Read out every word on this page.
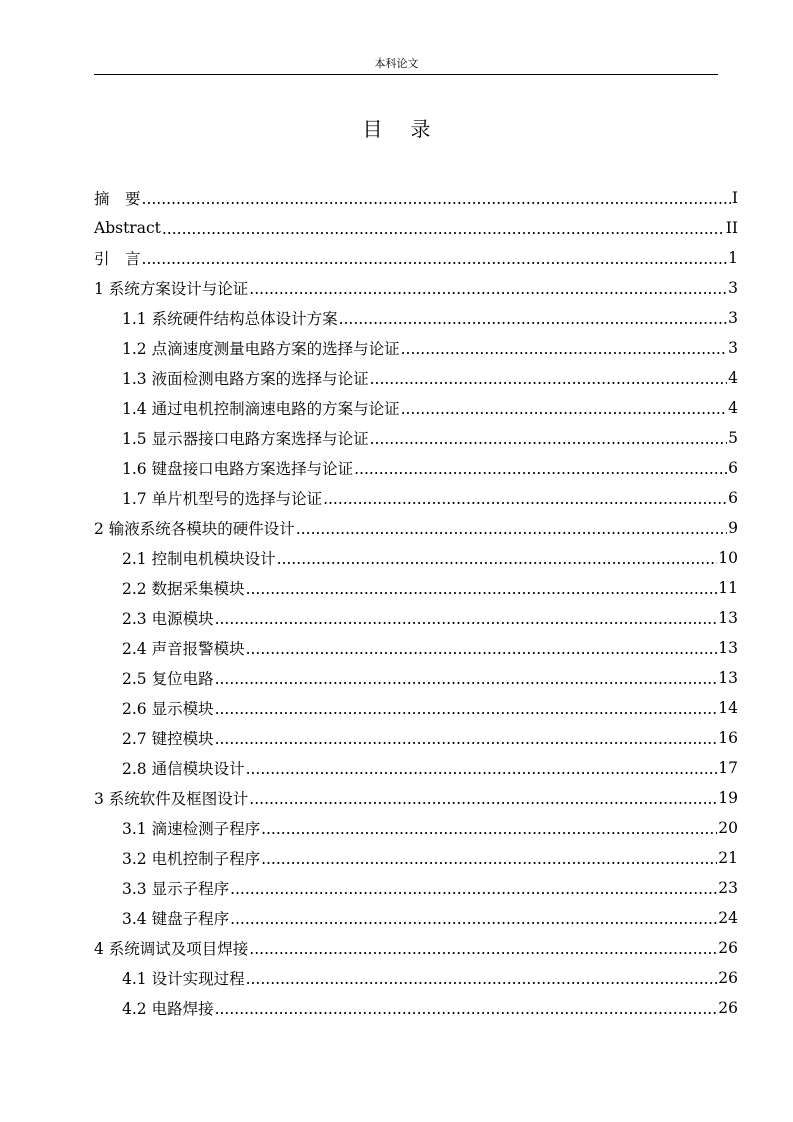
本科论文
目录
摘　要 .....	Ⅰ
Abstract .....	II
引　言 .....	1
1 系统方案设计与论证 .....	3
1.1 系统硬件结构总体设计方案 .....	3
1.2 点滴速度测量电路方案的选择与论证 .....	3
1.3 液面检测电路方案的选择与论证 .....	4
1.4 通过电机控制滴速电路的方案与论证 .....	4
1.5 显示器接口电路方案选择与论证 .....	5
1.6 键盘接口电路方案选择与论证 .....	6
1.7 单片机型号的选择与论证 .....	6
2 输液系统各模块的硬件设计 .....	9
2.1 控制电机模块设计 .....	10
2.2 数据采集模块 .....	11
2.3 电源模块 .....	13
2.4 声音报警模块 .....	13
2.5 复位电路 .....	13
2.6 显示模块 .....	14
2.7 键控模块 .....	16
2.8 通信模块设计 .....	17
3 系统软件及框图设计 .....	19
3.1 滴速检测子程序 .....	20
3.2 电机控制子程序 .....	21
3.3 显示子程序 .....	23
3.4 键盘子程序 .....	24
4 系统调试及项目焊接 .....	26
4.1 设计实现过程 .....	26
4.2 电路焊接 .....	26
